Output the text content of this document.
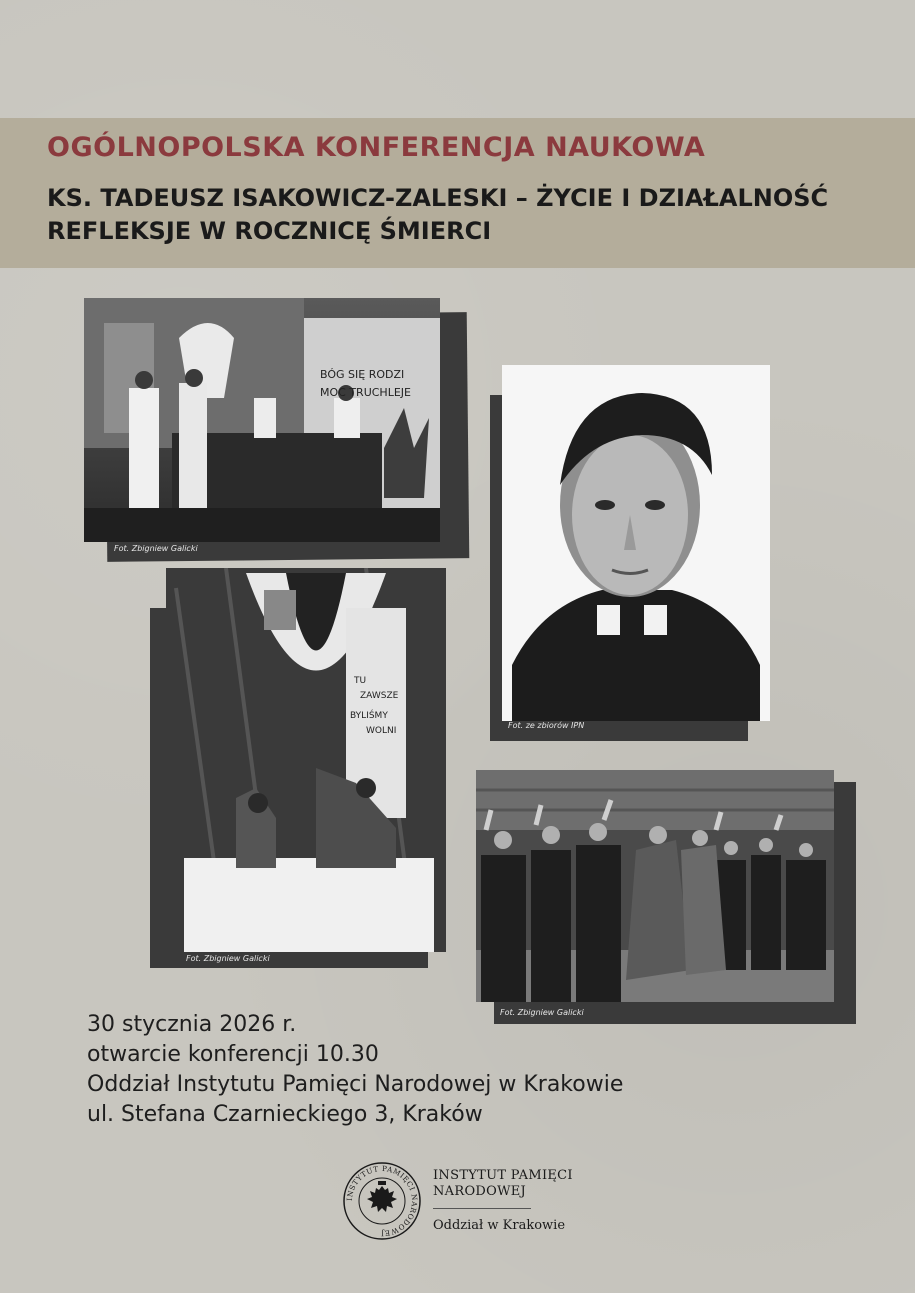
OGÓLNOPOLSKA KONFERENCJA NAUKOWA
KS. TADEUSZ ISAKOWICZ-ZALESKI – ŻYCIE I DZIAŁALNOŚĆ
REFLEKSJE W ROCZNICĘ ŚMIERCI
BÓG SIĘ RODZI
MOC TRUCHLEJE
Fot. Zbigniew Galicki
Fot. ze zbiorów IPN
TU
ZAWSZE
BYLIŚMY
WOLNI
Fot. Zbigniew Galicki
Fot. Zbigniew Galicki
30 stycznia 2026 r.
otwarcie konferencji 10.30
Oddział Instytutu Pamięci Narodowej w Krakowie
ul. Stefana Czarnieckiego 3, Kraków
INSTYTUT PAMIĘCI NARODOWEJ
INSTYTUT PAMIĘCI
NARODOWEJ
Oddział w Krakowie
